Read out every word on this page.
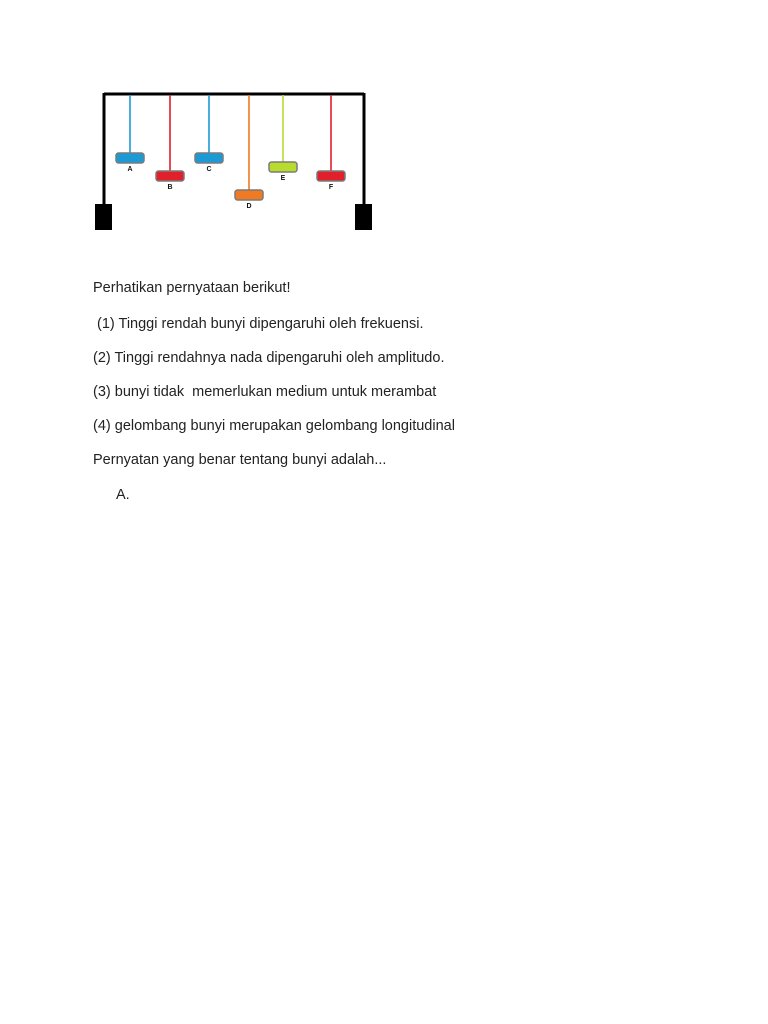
A
B
C
D
E
F

Perhatikan pernyataan berikut!

(1) Tinggi rendah bunyi dipengaruhi oleh frekuensi.

(2) Tinggi rendahnya nada dipengaruhi oleh amplitudo.

(3) bunyi tidak  memerlukan medium untuk merambat

(4) gelombang bunyi merupakan gelombang longitudinal

Pernyatan yang benar tentang bunyi adalah...

A.
